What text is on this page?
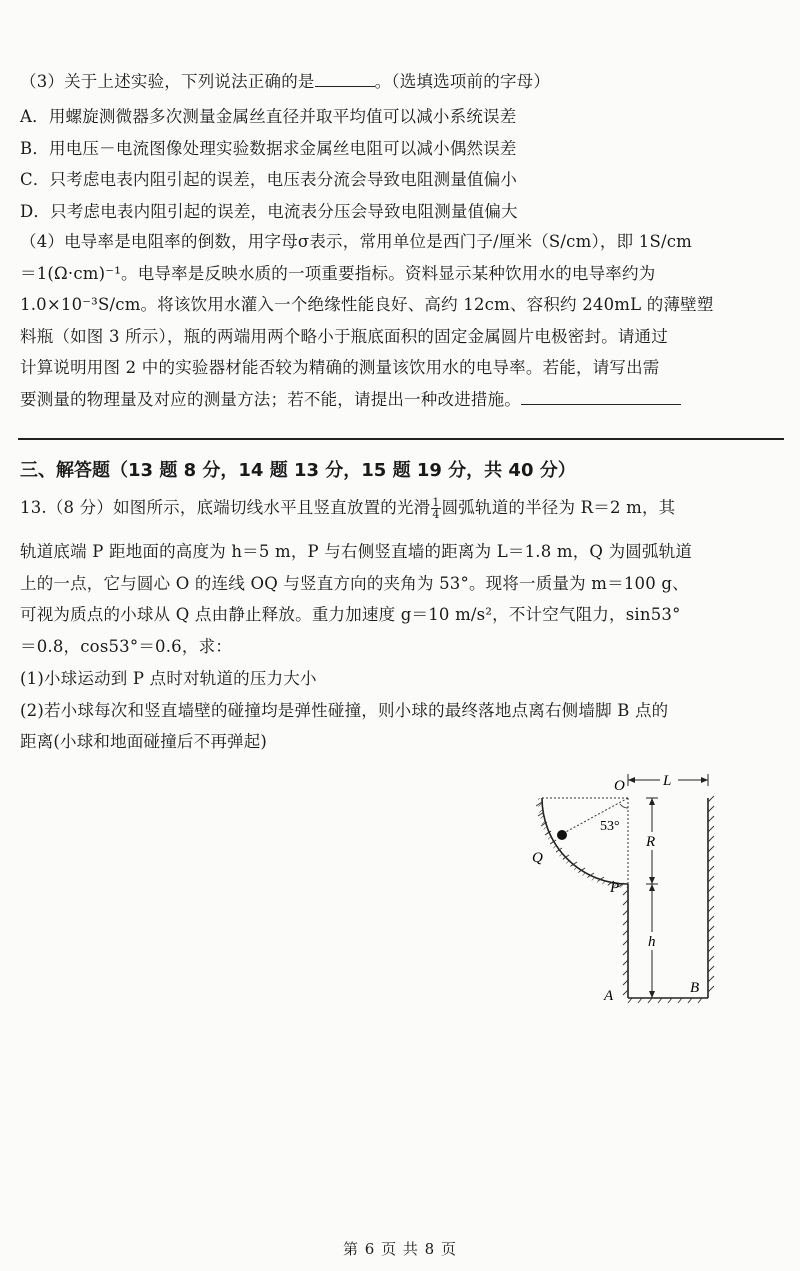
（3）关于上述实验，下列说法正确的是	。（选填选项前的字母）
A．用螺旋测微器多次测量金属丝直径并取平均值可以减小系统误差
B．用电压－电流图像处理实验数据求金属丝电阻可以减小偶然误差
C．只考虑电表内阻引起的误差，电压表分流会导致电阻测量值偏小
D．只考虑电表内阻引起的误差，电流表分压会导致电阻测量值偏大
（4）电导率是电阻率的倒数，用字母σ表示，常用单位是西门子/厘米（S/cm），即 1S/cm
＝1(Ω·cm)⁻¹。电导率是反映水质的一项重要指标。资料显示某种饮用水的电导率约为
1.0×10⁻³S/cm。将该饮用水灌入一个绝缘性能良好、高约 12cm、容积约 240mL 的薄壁塑
料瓶（如图 3 所示），瓶的两端用两个略小于瓶底面积的固定金属圆片电极密封。请通过
计算说明用图 2 中的实验器材能否较为精确的测量该饮用水的电导率。若能，请写出需
要测量的物理量及对应的测量方法；若不能，请提出一种改进措施。
三、解答题（13 题 8 分，14 题 13 分，15 题 19 分，共 40 分）
13.（8 分）如图所示，底端切线水平且竖直放置的光滑 $\frac{1}{4}$ 圆弧轨道的半径为 R＝2 m，其
轨道底端 P 距地面的高度为 h＝5 m，P 与右侧竖直墙的距离为 L＝1.8 m，Q 为圆弧轨道
上的一点，它与圆心 O 的连线 OQ 与竖直方向的夹角为 53°。现将一质量为 m＝100 g、
可视为质点的小球从 Q 点由静止释放。重力加速度 g＝10 m/s²，不计空气阻力，sin53°
＝0.8，cos53°＝0.6，求：
(1)小球运动到 P 点时对轨道的压力大小
(2)若小球每次和竖直墙壁的碰撞均是弹性碰撞，则小球的最终落地点离右侧墙脚 B 点的
距离(小球和地面碰撞后不再弹起)
O	L
53°
R
Q
P
h
A	B
第 6 页 共 8 页
